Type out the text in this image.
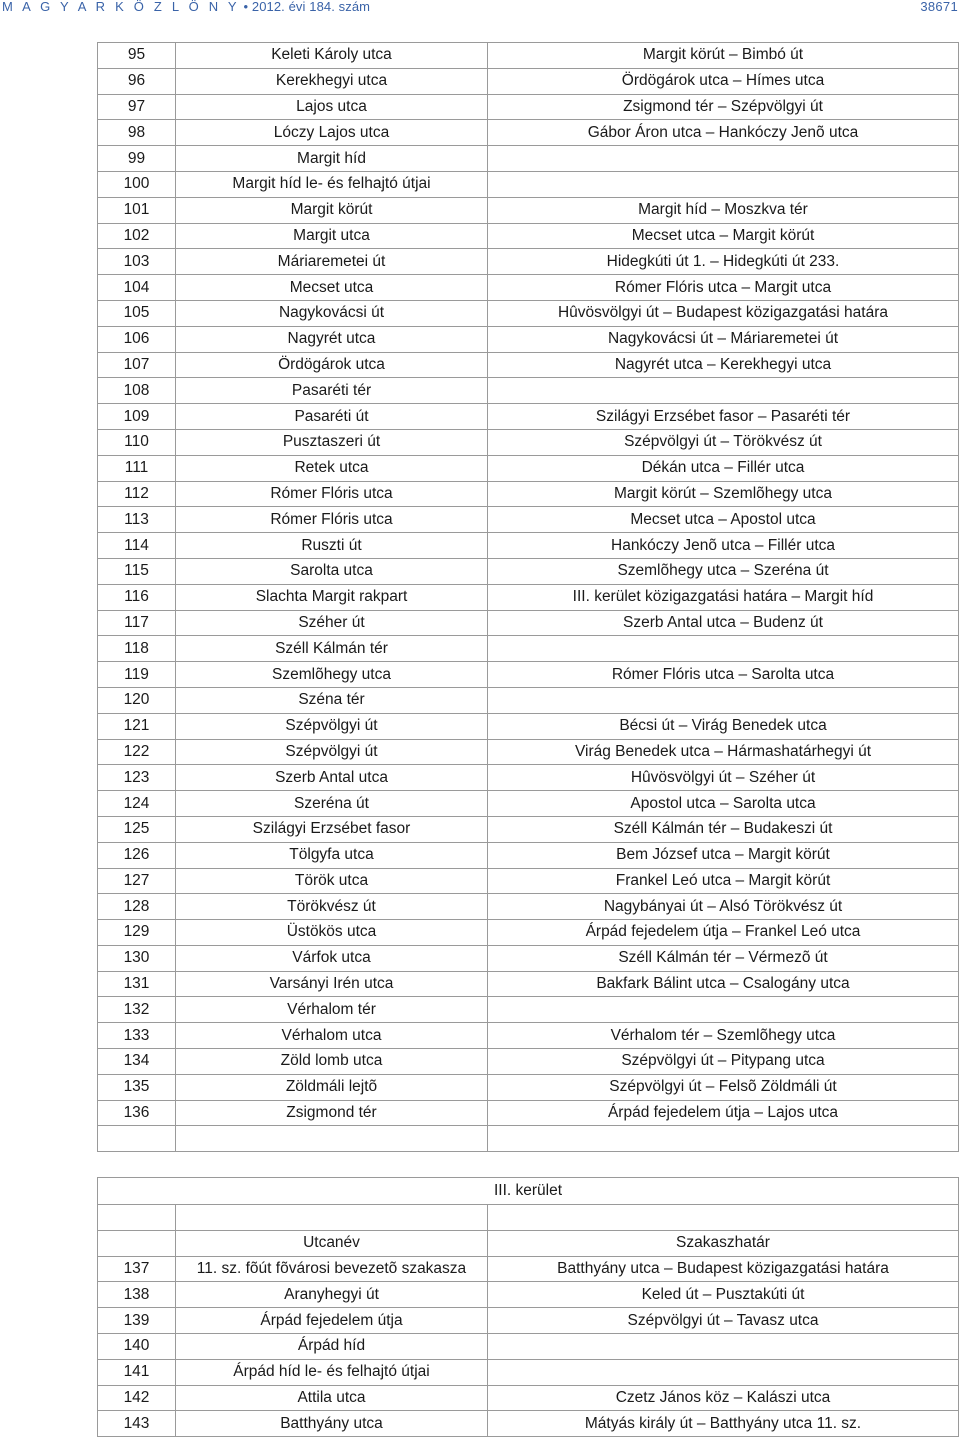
M A G Y A R K Ö Z L Ö N Y • 2012. évi 184. szám	38671
95	Keleti Károly utca	Margit körút – Bimbó út
96	Kerekhegyi utca	Ördögárok utca – Hímes utca
97	Lajos utca	Zsigmond tér – Szépvölgyi út
98	Lóczy Lajos utca	Gábor Áron utca – Hankóczy Jenõ utca
99	Margit híd	
100	Margit híd le- és felhajtó útjai	
101	Margit körút	Margit híd – Moszkva tér
102	Margit utca	Mecset utca – Margit körút
103	Máriaremetei út	Hidegkúti út 1. – Hidegkúti út 233.
104	Mecset utca	Rómer Flóris utca – Margit utca
105	Nagykovácsi út	Hûvösvölgyi út – Budapest közigazgatási határa
106	Nagyrét utca	Nagykovácsi út – Máriaremetei út
107	Ördögárok utca	Nagyrét utca – Kerekhegyi utca
108	Pasaréti tér	
109	Pasaréti út	Szilágyi Erzsébet fasor – Pasaréti tér
110	Pusztaszeri út	Szépvölgyi út – Törökvész út
111	Retek utca	Dékán utca – Fillér utca
112	Rómer Flóris utca	Margit körút – Szemlõhegy utca
113	Rómer Flóris utca	Mecset utca – Apostol utca
114	Ruszti út	Hankóczy Jenõ utca – Fillér utca
115	Sarolta utca	Szemlõhegy utca – Szeréna út
116	Slachta Margit rakpart	III. kerület közigazgatási határa – Margit híd
117	Széher út	Szerb Antal utca – Budenz út
118	Széll Kálmán tér	
119	Szemlõhegy utca	Rómer Flóris utca – Sarolta utca
120	Széna tér	
121	Szépvölgyi út	Bécsi út – Virág Benedek utca
122	Szépvölgyi út	Virág Benedek utca – Hármashatárhegyi út
123	Szerb Antal utca	Hûvösvölgyi út – Széher út
124	Szeréna út	Apostol utca – Sarolta utca
125	Szilágyi Erzsébet fasor	Széll Kálmán tér – Budakeszi út
126	Tölgyfa utca	Bem József utca – Margit körút
127	Török utca	Frankel Leó utca – Margit körút
128	Törökvész út	Nagybányai út – Alsó Törökvész út
129	Üstökös utca	Árpád fejedelem útja – Frankel Leó utca
130	Várfok utca	Széll Kálmán tér – Vérmezõ út
131	Varsányi Irén utca	Bakfark Bálint utca – Csalogány utca
132	Vérhalom tér	
133	Vérhalom utca	Vérhalom tér – Szemlõhegy utca
134	Zöld lomb utca	Szépvölgyi út – Pitypang utca
135	Zöldmáli lejtõ	Szépvölgyi út – Felsõ Zöldmáli út
136	Zsigmond tér	Árpád fejedelem útja – Lajos utca

III. kerület		

	Utcanév	Szakaszhatár
137	11. sz. fõút fõvárosi bevezetõ szakasza	Batthyány utca – Budapest közigazgatási határa
138	Aranyhegyi út	Keled út – Pusztakúti út
139	Árpád fejedelem útja	Szépvölgyi út – Tavasz utca
140	Árpád híd	
141	Árpád híd le- és felhajtó útjai	
142	Attila utca	Czetz János köz – Kalászi utca
143	Batthyány utca	Mátyás király út – Batthyány utca 11. sz.
